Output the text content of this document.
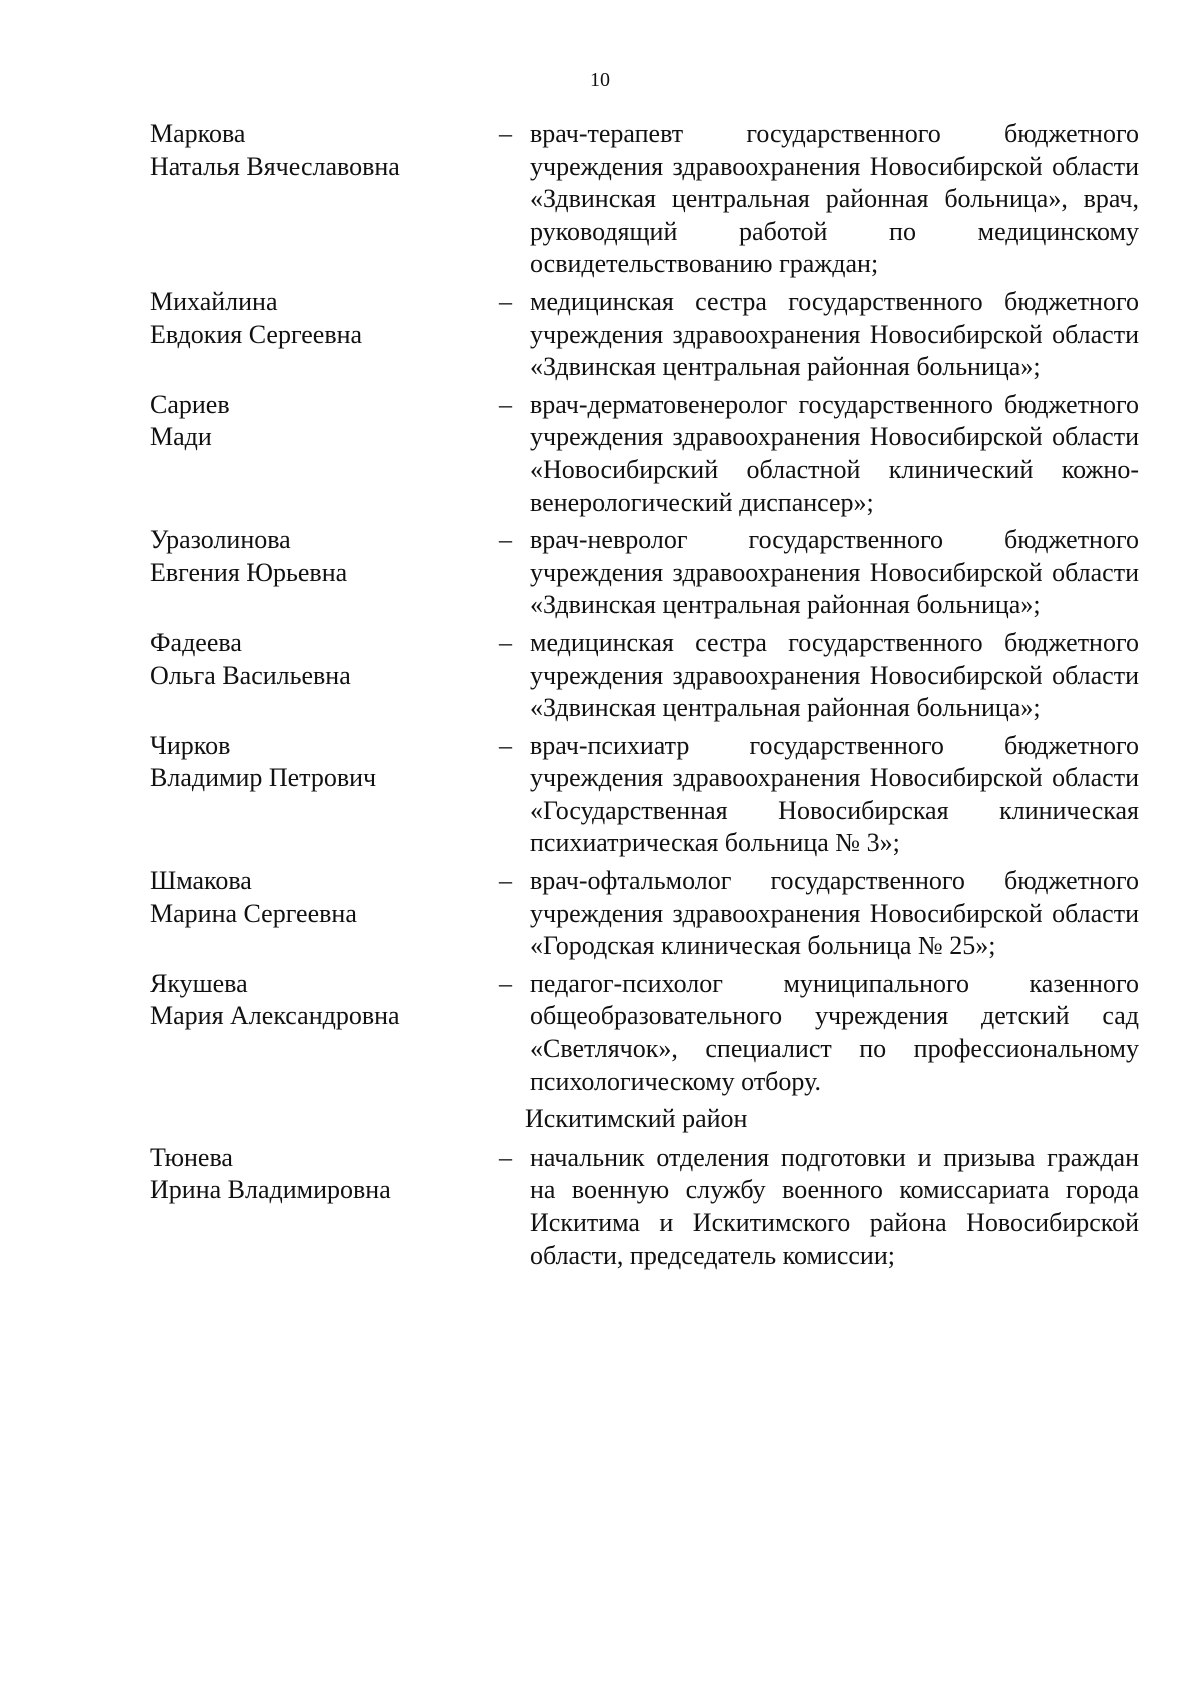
10
Маркова
Наталья Вячеславовна
– врач-терапевт государственного бюджетного учреждения здравоохранения Новосибирской области «Здвинская центральная районная больница», врач, руководящий работой по медицинскому освидетельствованию граждан;
Михайлина
Евдокия Сергеевна
– медицинская сестра государственного бюджетного учреждения здравоохранения Новосибирской области «Здвинская центральная районная больница»;
Сариев
Мади
– врач-дерматовенеролог государственного бюджетного учреждения здравоохранения Новосибирской области «Новосибирский областной клинический кожно-венерологический диспансер»;
Уразолинова
Евгения Юрьевна
– врач-невролог государственного бюджетного учреждения здравоохранения Новосибирской области «Здвинская центральная районная больница»;
Фадеева
Ольга Васильевна
– медицинская сестра государственного бюджетного учреждения здравоохранения Новосибирской области «Здвинская центральная районная больница»;
Чирков
Владимир Петрович
– врач-психиатр государственного бюджетного учреждения здравоохранения Новосибирской области «Государственная Новосибирская клиническая психиатрическая больница № 3»;
Шмакова
Марина Сергеевна
– врач-офтальмолог государственного бюджетного учреждения здравоохранения Новосибирской области «Городская клиническая больница № 25»;
Якушева
Мария Александровна
– педагог-психолог муниципального казенного общеобразовательного учреждения детский сад «Светлячок», специалист по профессиональному психологическому отбору.
Искитимский район
Тюнева
Ирина Владимировна
– начальник отделения подготовки и призыва граждан на военную службу военного комиссариата города Искитима и Искитимского района Новосибирской области, председатель комиссии;
